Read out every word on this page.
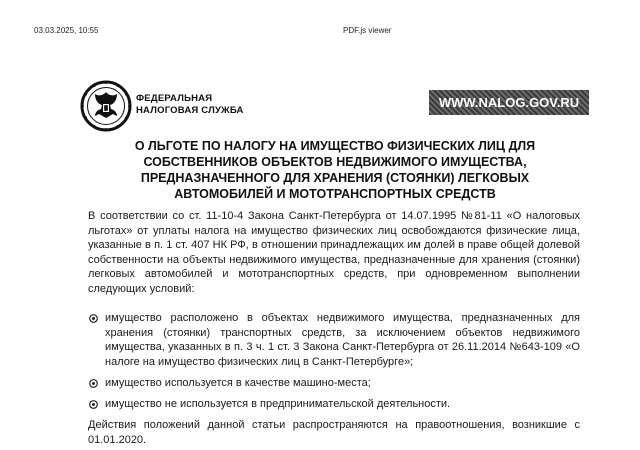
03.03.2025, 10:55	PDF.js viewer
ФЕДЕРАЛЬНАЯ
НАЛОГОВАЯ СЛУЖБА
WWW.NALOG.GOV.RU
О ЛЬГОТЕ ПО НАЛОГУ НА ИМУЩЕСТВО ФИЗИЧЕСКИХ ЛИЦ ДЛЯ
СОБСТВЕННИКОВ ОБЪЕКТОВ НЕДВИЖИМОГО ИМУЩЕСТВА,
ПРЕДНАЗНАЧЕННОГО ДЛЯ ХРАНЕНИЯ (СТОЯНКИ) ЛЕГКОВЫХ
АВТОМОБИЛЕЙ И МОТОТРАНСПОРТНЫХ СРЕДСТВ

В соответствии со ст. 11-10-4 Закона Санкт-Петербурга от 14.07.1995 №81-11 «О налоговых льготах» от уплаты налога на имущество физических лиц освобождаются физические лица, указанные в п. 1 ст. 407 НК РФ, в отношении принадлежащих им долей в праве общей долевой собственности на объекты недвижимого имущества, предназначенные для хранения (стоянки) легковых автомобилей и мототранспортных средств, при одновременном выполнении следующих условий:

имущество расположено в объектах недвижимого имущества, предназначенных для хранения (стоянки) транспортных средств, за исключением объектов недвижимого имущества, указанных в п. 3 ч. 1 ст. 3 Закона Санкт-Петербурга от 26.11.2014 №643-109 «О налоге на имущество физических лиц в Санкт-Петербурге»;
имущество используется в качестве машино-места;
имущество не используется в предпринимательской деятельности.

Действия положений данной статьи распространяются на правоотношения, возникшие с 01.01.2020.
